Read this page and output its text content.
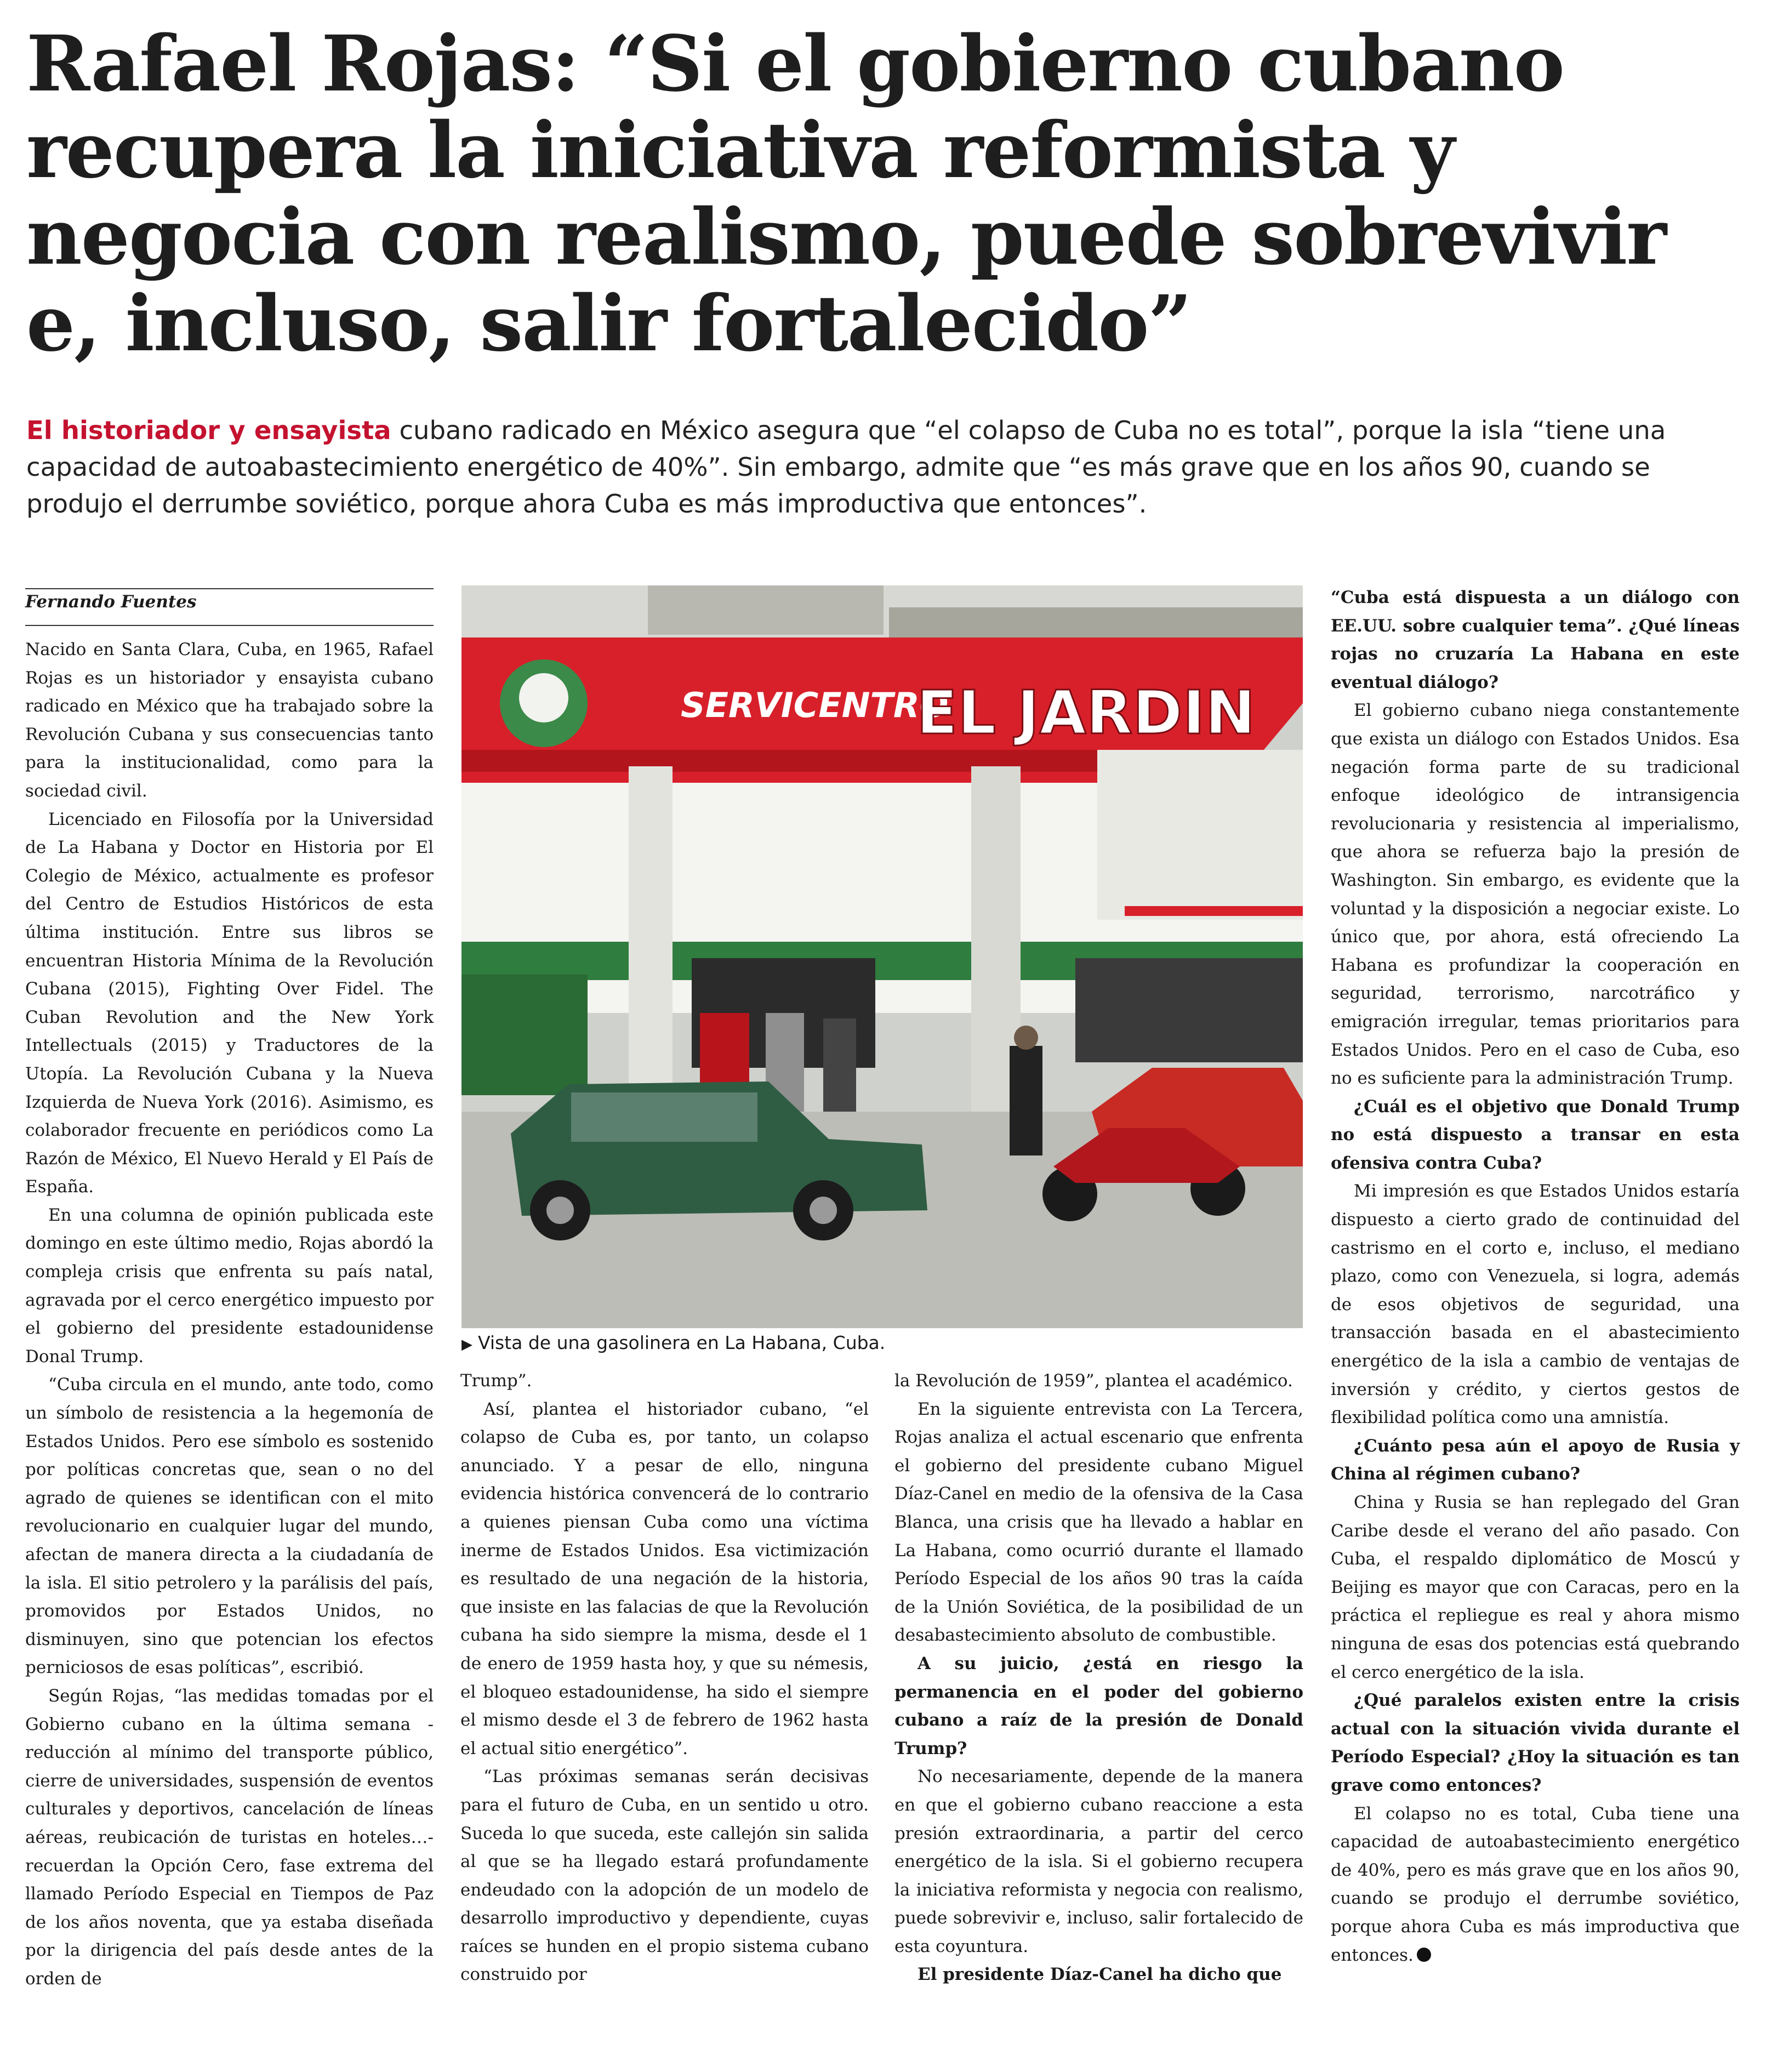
Rafael Rojas: “Si el gobierno cubano recupera la iniciativa reformista y negocia con realismo, puede sobrevivir e, incluso, salir fortalecido”

El historiador y ensayista cubano radicado en México asegura que “el colapso de Cuba no es total”, porque la isla “tiene una capacidad de autoabastecimiento energético de 40%”. Sin embargo, admite que “es más grave que en los años 90, cuando se produjo el derrumbe soviético, porque ahora Cuba es más improductiva que entonces”.

Fernando Fuentes

Nacido en Santa Clara, Cuba, en 1965, Rafael Rojas es un historiador y ensayista cubano radicado en México que ha trabajado sobre la Revolución Cubana y sus consecuencias tanto para la institucionalidad, como para la sociedad civil.

Licenciado en Filosofía por la Universidad de La Habana y Doctor en Historia por El Colegio de México, actualmente es profesor del Centro de Estudios Históricos de esta última institución. Entre sus libros se encuentran Historia Mínima de la Revolución Cubana (2015), Fighting Over Fidel. The Cuban Revolution and the New York Intellectuals (2015) y Traductores de la Utopía. La Revolución Cubana y la Nueva Izquierda de Nueva York (2016). Asimismo, es colaborador frecuente en periódicos como La Razón de México, El Nuevo Herald y El País de España.

En una columna de opinión publicada este domingo en este último medio, Rojas abordó la compleja crisis que enfrenta su país natal, agravada por el cerco energético impuesto por el gobierno del presidente estadounidense Donal Trump.

“Cuba circula en el mundo, ante todo, como un símbolo de resistencia a la hegemonía de Estados Unidos. Pero ese símbolo es sostenido por políticas concretas que, sean o no del agrado de quienes se identifican con el mito revolucionario en cualquier lugar del mundo, afectan de manera directa a la ciudadanía de la isla. El sitio petrolero y la parálisis del país, promovidos por Estados Unidos, no disminuyen, sino que potencian los efectos perniciosos de esas políticas”, escribió.

Según Rojas, “las medidas tomadas por el Gobierno cubano en la última semana -reducción al mínimo del transporte público, cierre de universidades, suspensión de eventos culturales y deportivos, cancelación de líneas aéreas, reubicación de turistas en hoteles…- recuerdan la Opción Cero, fase extrema del llamado Período Especial en Tiempos de Paz de los años noventa, que ya estaba diseñada por la dirigencia del país desde antes de la orden de

SERVICENTRO
EL JARDIN
▶ Vista de una gasolinera en La Habana, Cuba.

Trump”.

Así, plantea el historiador cubano, “el colapso de Cuba es, por tanto, un colapso anunciado. Y a pesar de ello, ninguna evidencia histórica convencerá de lo contrario a quienes piensan Cuba como una víctima inerme de Estados Unidos. Esa victimización es resultado de una negación de la historia, que insiste en las falacias de que la Revolución cubana ha sido siempre la misma, desde el 1 de enero de 1959 hasta hoy, y que su némesis, el bloqueo estadounidense, ha sido el siempre el mismo desde el 3 de febrero de 1962 hasta el actual sitio energético”.

“Las próximas semanas serán decisivas para el futuro de Cuba, en un sentido u otro. Suceda lo que suceda, este callejón sin salida al que se ha llegado estará profundamente endeudado con la adopción de un modelo de desarrollo improductivo y dependiente, cuyas raíces se hunden en el propio sistema cubano construido por

la Revolución de 1959”, plantea el académico.

En la siguiente entrevista con La Tercera, Rojas analiza el actual escenario que enfrenta el gobierno del presidente cubano Miguel Díaz-Canel en medio de la ofensiva de la Casa Blanca, una crisis que ha llevado a hablar en La Habana, como ocurrió durante el llamado Período Especial de los años 90 tras la caída de la Unión Soviética, de la posibilidad de un desabastecimiento absoluto de combustible.

A su juicio, ¿está en riesgo la permanencia en el poder del gobierno cubano a raíz de la presión de Donald Trump?

No necesariamente, depende de la manera en que el gobierno cubano reaccione a esta presión extraordinaria, a partir del cerco energético de la isla. Si el gobierno recupera la iniciativa reformista y negocia con realismo, puede sobrevivir e, incluso, salir fortalecido de esta coyuntura.

El presidente Díaz-Canel ha dicho que

“Cuba está dispuesta a un diálogo con EE.UU. sobre cualquier tema”. ¿Qué líneas rojas no cruzaría La Habana en este eventual diálogo?

El gobierno cubano niega constantemente que exista un diálogo con Estados Unidos. Esa negación forma parte de su tradicional enfoque ideológico de intransigencia revolucionaria y resistencia al imperialismo, que ahora se refuerza bajo la presión de Washington. Sin embargo, es evidente que la voluntad y la disposición a negociar existe. Lo único que, por ahora, está ofreciendo La Habana es profundizar la cooperación en seguridad, terrorismo, narcotráfico y emigración irregular, temas prioritarios para Estados Unidos. Pero en el caso de Cuba, eso no es suficiente para la administración Trump.

¿Cuál es el objetivo que Donald Trump no está dispuesto a transar en esta ofensiva contra Cuba?

Mi impresión es que Estados Unidos estaría dispuesto a cierto grado de continuidad del castrismo en el corto e, incluso, el mediano plazo, como con Venezuela, si logra, además de esos objetivos de seguridad, una transacción basada en el abastecimiento energético de la isla a cambio de ventajas de inversión y crédito, y ciertos gestos de flexibilidad política como una amnistía.

¿Cuánto pesa aún el apoyo de Rusia y China al régimen cubano?

China y Rusia se han replegado del Gran Caribe desde el verano del año pasado. Con Cuba, el respaldo diplomático de Moscú y Beijing es mayor que con Caracas, pero en la práctica el repliegue es real y ahora mismo ninguna de esas dos potencias está quebrando el cerco energético de la isla.

¿Qué paralelos existen entre la crisis actual con la situación vivida durante el Período Especial? ¿Hoy la situación es tan grave como entonces?

El colapso no es total, Cuba tiene una capacidad de autoabastecimiento energético de 40%, pero es más grave que en los años 90, cuando se produjo el derrumbe soviético, porque ahora Cuba es más improductiva que entonces.
